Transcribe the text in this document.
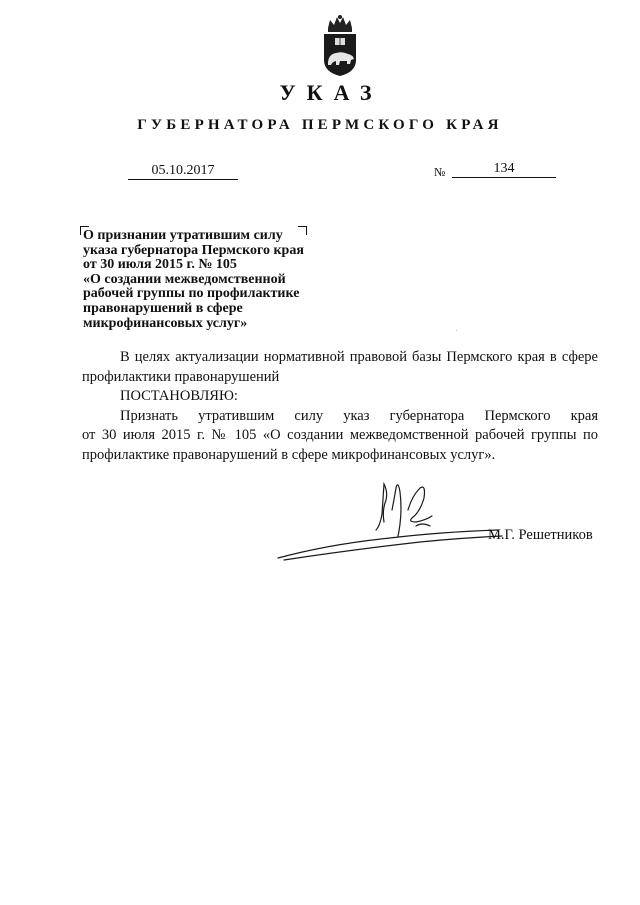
УКАЗ
ГУБЕРНАТОРА ПЕРМСКОГО КРАЯ
05.10.2017	№	134
О признании утратившим силу
указа губернатора Пермского края
от 30 июля 2015 г. № 105
«О создании межведомственной
рабочей группы по профилактике
правонарушений в сфере
микрофинансовых услуг»
В целях актуализации нормативной правовой базы Пермского края в сфере профилактики правонарушений
ПОСТАНОВЛЯЮ:
Признать утратившим силу указ губернатора Пермского края
от 30 июля 2015 г. № 105 «О создании межведомственной рабочей группы по профилактике правонарушений в сфере микрофинансовых услуг».
М.Г. Решетников
